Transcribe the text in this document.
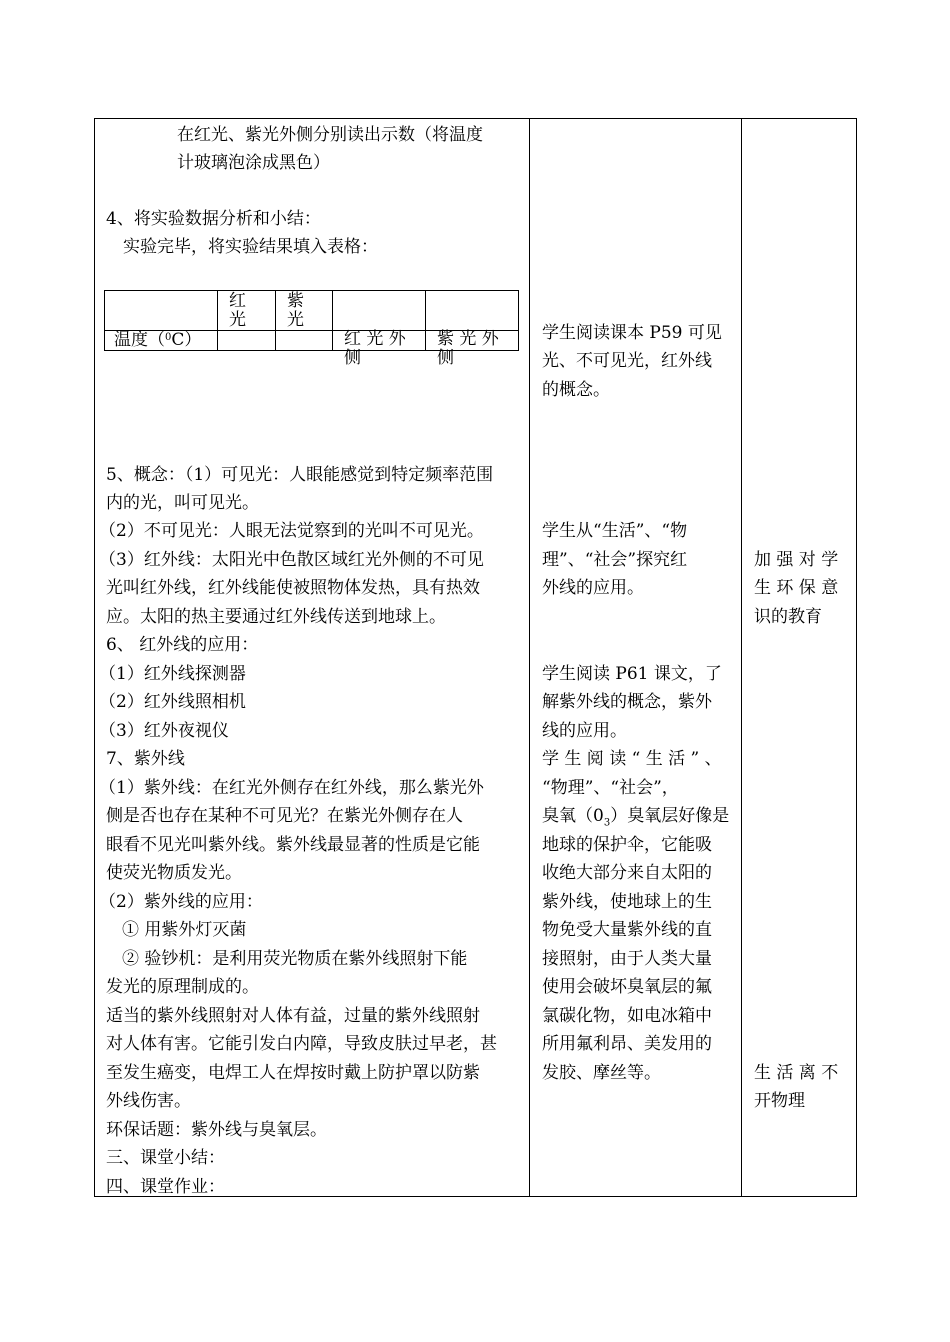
在红光、紫光外侧分别读出示数（将温度
计玻璃泡涂成黑色）
4、将实验数据分析和小结：
实验完毕，将实验结果填入表格：
红
光
紫
光

红 光 外
侧

紫 光 外
侧

温度（$^0$C）
5、概念：（1）可见光：人眼能感觉到特定频率范围
内的光，叫可见光。
（2）不可见光：人眼无法觉察到的光叫不可见光。
（3）红外线：太阳光中色散区域红光外侧的不可见
光叫红外线，红外线能使被照物体发热，具有热效
应。太阳的热主要通过红外线传送到地球上。
6、 红外线的应用：
（1）红外线探测器
（2）红外线照相机
（3）红外夜视仪
7、紫外线
（1）紫外线：在红光外侧存在红外线，那么紫光外
侧是否也存在某种不可见光？在紫光外侧存在人
眼看不见光叫紫外线。紫外线最显著的性质是它能
使荧光物质发光。
（2）紫外线的应用：
① 用紫外灯灭菌
② 验钞机：是利用荧光物质在紫外线照射下能
发光的原理制成的。
适当的紫外线照射对人体有益，过量的紫外线照射
对人体有害。它能引发白内障，导致皮肤过早老，甚
至发生癌变，电焊工人在焊按时戴上防护罩以防紫
外线伤害。
环保话题：紫外线与臭氧层。
三、课堂小结：
四、课堂作业：
学生阅读课本 P59 可见
光、不可见光，红外线
的概念。
学生从“生活”、“物
理”、“社会”探究红
外线的应用。
学生阅读 P61 课文，了
解紫外线的概念，紫外
线的应用。
学 生 阅 读 “ 生 活 ” 、
“物理”、“社会”，
臭氧$(0_3)$臭氧层好像是
地球的保护伞，它能吸
收绝大部分来自太阳的
紫外线，使地球上的生
物免受大量紫外线的直
接照射，由于人类大量
使用会破坏臭氧层的氟
氯碳化物，如电冰箱中
所用氟利昂、美发用的
发胶、摩丝等。
加 强 对 学
生 环 保 意
识的教育
生 活 离 不
开物理
